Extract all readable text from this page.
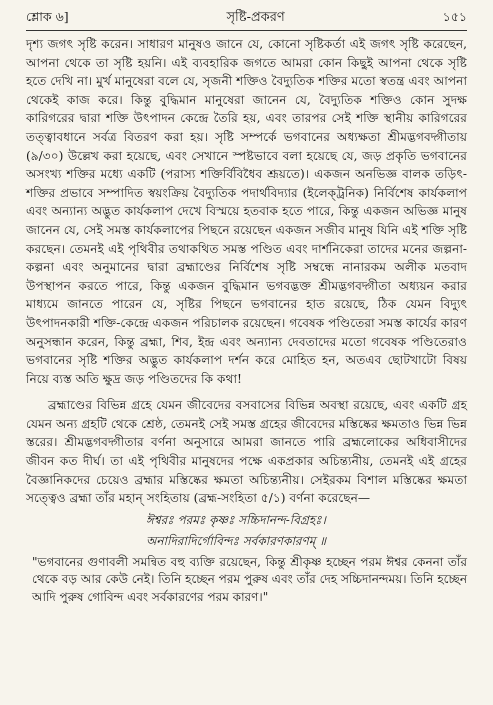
শ্লোক ৬]	সৃষ্টি-প্রকরণ	১৫১

দৃশ্য জগৎ সৃষ্টি করেন। সাধারণ মানুষও জানে যে, কোনো সৃষ্টিকর্তা এই জগৎ সৃষ্টি করেছেন, আপনা থেকে তা সৃষ্টি হয়নি। এই ব্যবহারিক জগতে আমরা কোন কিছুই আপনা থেকে সৃষ্টি হতে দেখি না। মুর্খ মানুষেরা বলে যে, সৃজনী শক্তিও বৈদ্যুতিক শক্তির মতো স্বতন্ত্র এবং আপনা থেকেই কাজ করে। কিন্তু বুদ্ধিমান মানুষেরা জানেন যে, বৈদ্যুতিক শক্তিও কোন সুদক্ষ কারিগরের দ্বারা শক্তি উৎপাদন কেন্দ্রে তৈরি হয়, এবং তারপর সেই শক্তি স্থানীয় কারিগরের তত্ত্বাবধানে সর্বত্র বিতরণ করা হয়। সৃষ্টি সম্পর্কে ভগবানের অধ্যক্ষতা শ্রীমদ্ভগবদ্গীতায় (৯/৩০) উল্লেখ করা হয়েছে, এবং সেখানে স্পষ্টভাবে বলা হয়েছে যে, জড় প্রকৃতি ভগবানের অসংখ্য শক্তির মধ্যে একটি (পরাস্য শক্তির্বিবিধৈব শ্রূয়তে)। একজন অনভিজ্ঞ বালক তড়িৎ-শক্তির প্রভাবে সম্পাদিত স্বয়ংক্রিয় বৈদ্যুতিক পদার্থবিদ্যার (ইলেক্‌ট্রনিক) নির্বিশেষ কার্যকলাপ এবং অন্যান্য অদ্ভুত কার্যকলাপ দেখে বিস্ময়ে হতবাক হতে পারে, কিন্তু একজন অভিজ্ঞ মানুষ জানেন যে, সেই সমস্ত কার্যকলাপের পিছনে রয়েছেন একজন সজীব মানুষ যিনি এই শক্তি সৃষ্টি করছেন। তেমনই এই পৃথিবীর তথাকথিত সমস্ত পণ্ডিত এবং দার্শনিকেরা তাদের মনের জল্পনা-কল্পনা এবং অনুমানের দ্বারা ব্রহ্মাণ্ডের নির্বিশেষ সৃষ্টি সম্বন্ধে নানারকম অলীক মতবাদ উপস্থাপন করতে পারে, কিন্তু একজন বুদ্ধিমান ভগবদ্ভক্ত শ্রীমদ্ভগবদ্গীতা অধ্যয়ন করার মাধ্যমে জানতে পারেন যে, সৃষ্টির পিছনে ভগবানের হাত রয়েছে, ঠিক যেমন বিদ্যুৎ উৎপাদনকারী শক্তি-কেন্দ্রে একজন পরিচালক রয়েছেন। গবেষক পণ্ডিতেরা সমস্ত কার্যের কারণ অনুসন্ধান করেন, কিন্তু ব্রহ্মা, শিব, ইন্দ্র এবং অন্যান্য দেবতাদের মতো গবেষক পণ্ডিতেরাও ভগবানের সৃষ্টি শক্তির অদ্ভুত কার্যকলাপ দর্শন করে মোহিত হন, অতএব ছোটখাটো বিষয় নিয়ে ব্যস্ত অতি ক্ষুদ্র জড় পণ্ডিতদের কি কথা!

ব্রহ্মাণ্ডের বিভিন্ন গ্রহে যেমন জীবেদের বসবাসের বিভিন্ন অবস্থা রয়েছে, এবং একটি গ্রহ যেমন অন্য গ্রহটি থেকে শ্রেষ্ঠ, তেমনই সেই সমস্ত গ্রহের জীবেদের মস্তিষ্কের ক্ষমতাও ভিন্ন ভিন্ন স্তরের। শ্রীমদ্ভগবদ্গীতার বর্ণনা অনুসারে আমরা জানতে পারি ব্রহ্মলোকের অধিবাসীদের জীবন কত দীর্ঘ। তা এই পৃথিবীর মানুষদের পক্ষে একপ্রকার অচিন্ত্যনীয়, তেমনই এই গ্রহের বৈজ্ঞানিকদের চেয়েও ব্রহ্মার মস্তিষ্কের ক্ষমতা অচিন্ত্যনীয়। সেইরকম বিশাল মস্তিষ্কের ক্ষমতা সত্ত্বেও ব্রহ্মা তাঁর মহান্ সংহিতায় (ব্রহ্ম-সংহিতা ৫/১) বর্ণনা করেছেন—

ঈশ্বরঃ পরমঃ কৃষ্ণঃ সচ্চিদানন্দ-বিগ্রহঃ।
অনাদিরাদির্গোবিন্দঃ সর্বকারণকারণম্ ॥

"ভগবানের গুণাবলী সমন্বিত বহু ব্যক্তি রয়েছেন, কিন্তু শ্রীকৃষ্ণ হচ্ছেন পরম ঈশ্বর কেননা তাঁর থেকে বড় আর কেউ নেই। তিনি হচ্ছেন পরম পুরুষ এবং তাঁর দেহ সচ্চিদানন্দময়। তিনি হচ্ছেন আদি পুরুষ গোবিন্দ এবং সর্বকারণের পরম কারণ।"
